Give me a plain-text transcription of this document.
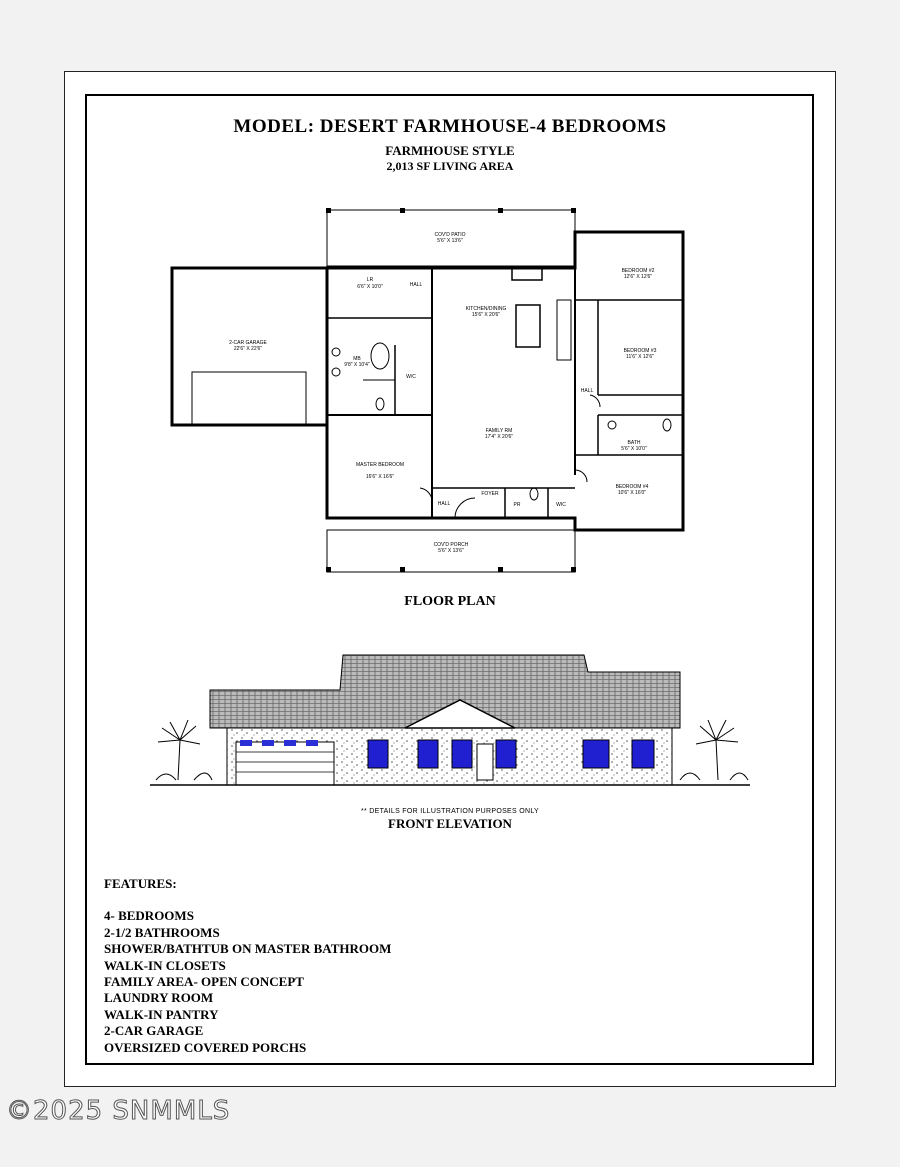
MODEL: DESERT FARMHOUSE-4 BEDROOMS
FARMHOUSE STYLE
2,013 SF LIVING AREA
COV'D PATIO
5'6" X 13'6"
LR
6'6" X 10'0"	HALL
KITCHEN/DINING
15'6" X 20'6"
BEDROOM #2
12'6" X 12'6"
2-CAR GARAGE
22'6" X 22'6"
MB
9'8" X 10'4"
W/C
BEDROOM #3
11'6" X 12'6"
HALL
FAMILY RM
17'4" X 20'6"
BATH
5'6" X 10'0"
MASTER BEDROOM
16'6" X 16'6"
BEDROOM #4
10'6" X 16'0"
HALL
FOYER
PR	WIC
COV'D PORCH
5'6" X 13'6"
FLOOR PLAN
** DETAILS FOR ILLUSTRATION PURPOSES ONLY
FRONT ELEVATION
FEATURES:
4- BEDROOMS
2-1/2 BATHROOMS
SHOWER/BATHTUB ON MASTER BATHROOM
WALK-IN CLOSETS
FAMILY AREA- OPEN CONCEPT
LAUNDRY ROOM
WALK-IN PANTRY
2-CAR GARAGE
OVERSIZED COVERED PORCHS
©2025 SNMMLS
